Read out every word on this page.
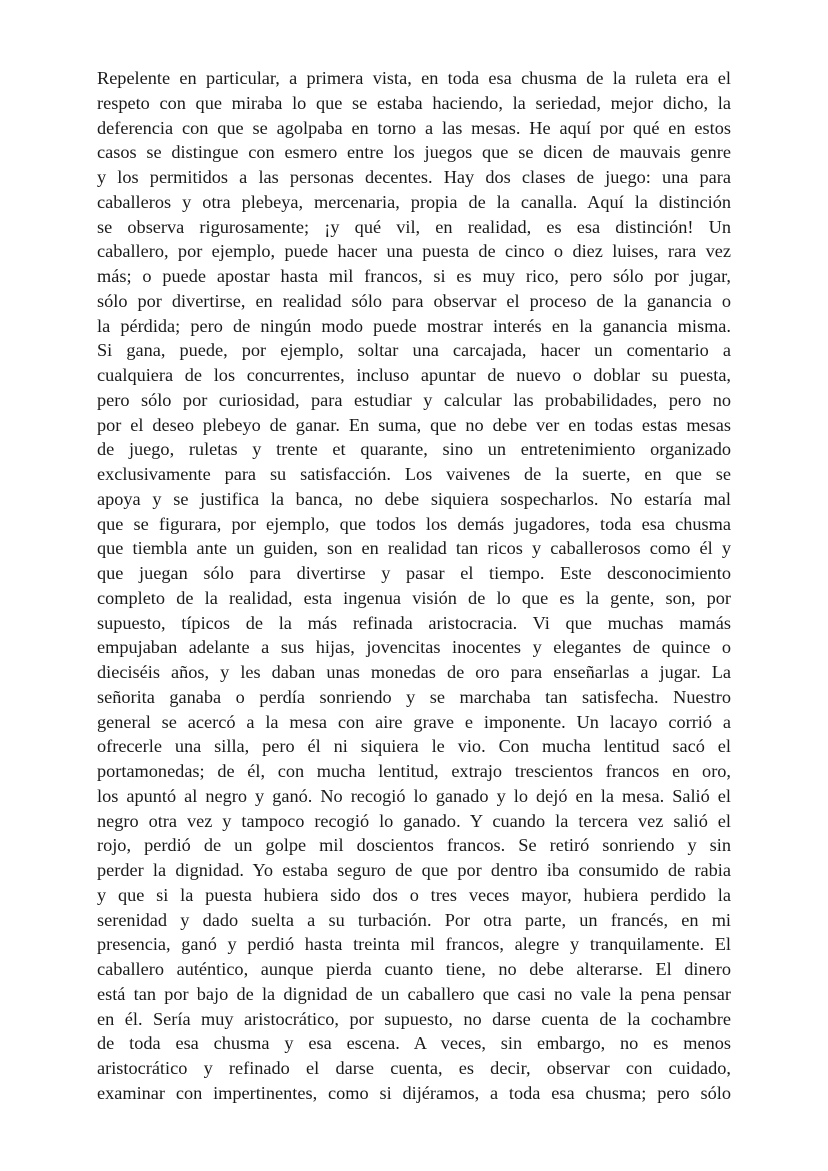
Repelente en particular, a primera vista, en toda esa chusma de la ruleta era el
respeto con que miraba lo que se estaba haciendo, la seriedad, mejor dicho, la
deferencia con que se agolpaba en torno a las mesas. He aquí por qué en estos
casos se distingue con esmero entre los juegos que se dicen de mauvais genre
y los permitidos a las personas decentes. Hay dos clases de juego: una para
caballeros y otra plebeya, mercenaria, propia de la canalla. Aquí la distinción
se observa rigurosamente; ¡y qué vil, en realidad, es esa distinción! Un
caballero, por ejemplo, puede hacer una puesta de cinco o diez luises, rara vez
más; o puede apostar hasta mil francos, si es muy rico, pero sólo por jugar,
sólo por divertirse, en realidad sólo para observar el proceso de la ganancia o
la pérdida; pero de ningún modo puede mostrar interés en la ganancia misma.
Si gana, puede, por ejemplo, soltar una carcajada, hacer un comentario a
cualquiera de los concurrentes, incluso apuntar de nuevo o doblar su puesta,
pero sólo por curiosidad, para estudiar y calcular las probabilidades, pero no
por el deseo plebeyo de ganar. En suma, que no debe ver en todas estas mesas
de juego, ruletas y trente et quarante, sino un entretenimiento organizado
exclusivamente para su satisfacción. Los vaivenes de la suerte, en que se
apoya y se justifica la banca, no debe siquiera sospecharlos. No estaría mal
que se figurara, por ejemplo, que todos los demás jugadores, toda esa chusma
que tiembla ante un guiden, son en realidad tan ricos y caballerosos como él y
que juegan sólo para divertirse y pasar el tiempo. Este desconocimiento
completo de la realidad, esta ingenua visión de lo que es la gente, son, por
supuesto, típicos de la más refinada aristocracia. Vi que muchas mamás
empujaban adelante a sus hijas, jovencitas inocentes y elegantes de quince o
dieciséis años, y les daban unas monedas de oro para enseñarlas a jugar. La
señorita ganaba o perdía sonriendo y se marchaba tan satisfecha. Nuestro
general se acercó a la mesa con aire grave e imponente. Un lacayo corrió a
ofrecerle una silla, pero él ni siquiera le vio. Con mucha lentitud sacó el
portamonedas; de él, con mucha lentitud, extrajo trescientos francos en oro,
los apuntó al negro y ganó. No recogió lo ganado y lo dejó en la mesa. Salió el
negro otra vez y tampoco recogió lo ganado. Y cuando la tercera vez salió el
rojo, perdió de un golpe mil doscientos francos. Se retiró sonriendo y sin
perder la dignidad. Yo estaba seguro de que por dentro iba consumido de rabia
y que si la puesta hubiera sido dos o tres veces mayor, hubiera perdido la
serenidad y dado suelta a su turbación. Por otra parte, un francés, en mi
presencia, ganó y perdió hasta treinta mil francos, alegre y tranquilamente. El
caballero auténtico, aunque pierda cuanto tiene, no debe alterarse. El dinero
está tan por bajo de la dignidad de un caballero que casi no vale la pena pensar
en él. Sería muy aristocrático, por supuesto, no darse cuenta de la cochambre
de toda esa chusma y esa escena. A veces, sin embargo, no es menos
aristocrático y refinado el darse cuenta, es decir, observar con cuidado,
examinar con impertinentes, como si dijéramos, a toda esa chusma; pero sólo
